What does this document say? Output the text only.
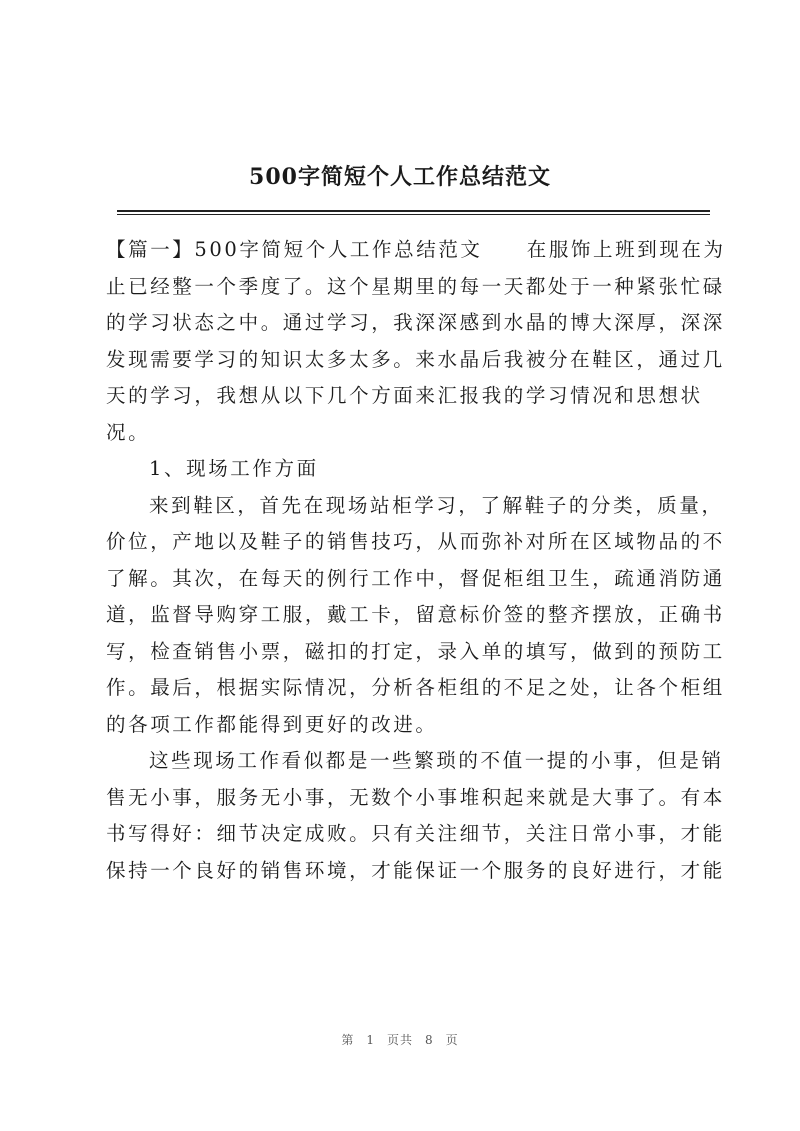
500字简短个人工作总结范文
【篇一】500字简短个人工作总结范文　　在服饰上班到现在为
止已经整一个季度了。这个星期里的每一天都处于一种紧张忙碌
的学习状态之中。通过学习，我深深感到水晶的博大深厚，深深
发现需要学习的知识太多太多。来水晶后我被分在鞋区，通过几
天的学习，我想从以下几个方面来汇报我的学习情况和思想状
况。
1、现场工作方面
来到鞋区，首先在现场站柜学习，了解鞋子的分类，质量，
价位，产地以及鞋子的销售技巧，从而弥补对所在区域物品的不
了解。其次，在每天的例行工作中，督促柜组卫生，疏通消防通
道，监督导购穿工服，戴工卡，留意标价签的整齐摆放，正确书
写，检查销售小票，磁扣的打定，录入单的填写，做到的预防工
作。最后，根据实际情况，分析各柜组的不足之处，让各个柜组
的各项工作都能得到更好的改进。
这些现场工作看似都是一些繁琐的不值一提的小事，但是销
售无小事，服务无小事，无数个小事堆积起来就是大事了。有本
书写得好：细节决定成败。只有关注细节，关注日常小事，才能
保持一个良好的销售环境，才能保证一个服务的良好进行，才能
第 1 页共 8 页
